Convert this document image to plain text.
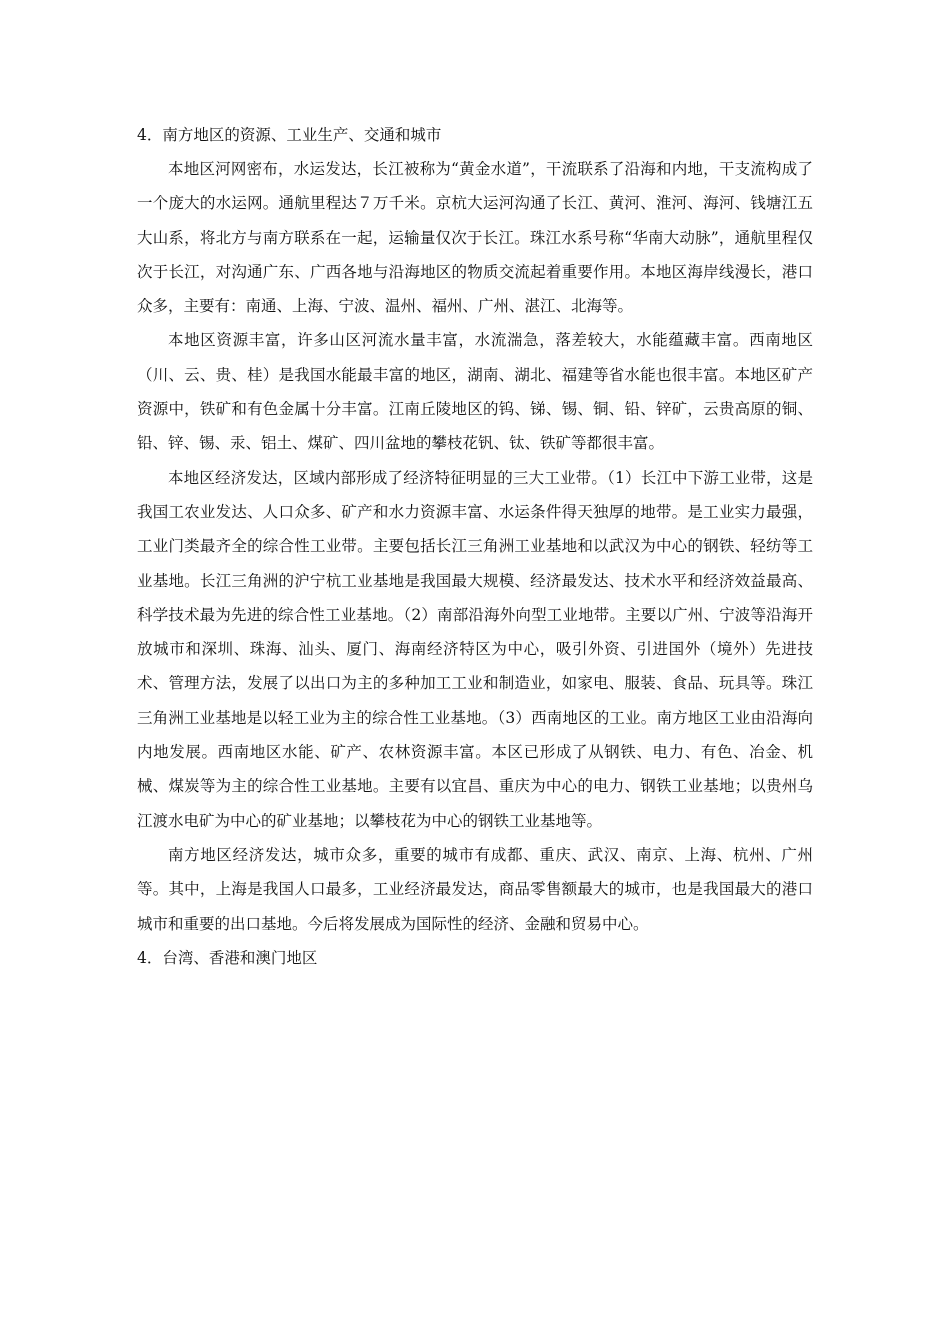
4．南方地区的资源、工业生产、交通和城市

本地区河网密布，水运发达，长江被称为“黄金水道”，干流联系了沿海和内地，干支流构成了一个庞大的水运网。通航里程达７万千米。京杭大运河沟通了长江、黄河、淮河、海河、钱塘江五大山系，将北方与南方联系在一起，运输量仅次于长江。珠江水系号称“华南大动脉”，通航里程仅次于长江，对沟通广东、广西各地与沿海地区的物质交流起着重要作用。本地区海岸线漫长，港口众多，主要有：南通、上海、宁波、温州、福州、广州、湛江、北海等。

本地区资源丰富，许多山区河流水量丰富，水流湍急，落差较大，水能蕴藏丰富。西南地区（川、云、贵、桂）是我国水能最丰富的地区，湖南、湖北、福建等省水能也很丰富。本地区矿产资源中，铁矿和有色金属十分丰富。江南丘陵地区的钨、锑、锡、铜、铅、锌矿，云贵高原的铜、铅、锌、锡、汞、铝土、煤矿、四川盆地的攀枝花钒、钛、铁矿等都很丰富。

本地区经济发达，区域内部形成了经济特征明显的三大工业带。（1）长江中下游工业带，这是我国工农业发达、人口众多、矿产和水力资源丰富、水运条件得天独厚的地带。是工业实力最强，工业门类最齐全的综合性工业带。主要包括长江三角洲工业基地和以武汉为中心的钢铁、轻纺等工业基地。长江三角洲的沪宁杭工业基地是我国最大规模、经济最发达、技术水平和经济效益最高、科学技术最为先进的综合性工业基地。（2）南部沿海外向型工业地带。主要以广州、宁波等沿海开放城市和深圳、珠海、汕头、厦门、海南经济特区为中心，吸引外资、引进国外（境外）先进技术、管理方法，发展了以出口为主的多种加工工业和制造业，如家电、服装、食品、玩具等。珠江三角洲工业基地是以轻工业为主的综合性工业基地。（3）西南地区的工业。南方地区工业由沿海向内地发展。西南地区水能、矿产、农林资源丰富。本区已形成了从钢铁、电力、有色、冶金、机械、煤炭等为主的综合性工业基地。主要有以宜昌、重庆为中心的电力、钢铁工业基地；以贵州乌江渡水电矿为中心的矿业基地；以攀枝花为中心的钢铁工业基地等。

南方地区经济发达，城市众多，重要的城市有成都、重庆、武汉、南京、上海、杭州、广州等。其中，上海是我国人口最多，工业经济最发达，商品零售额最大的城市，也是我国最大的港口城市和重要的出口基地。今后将发展成为国际性的经济、金融和贸易中心。

4．台湾、香港和澳门地区
